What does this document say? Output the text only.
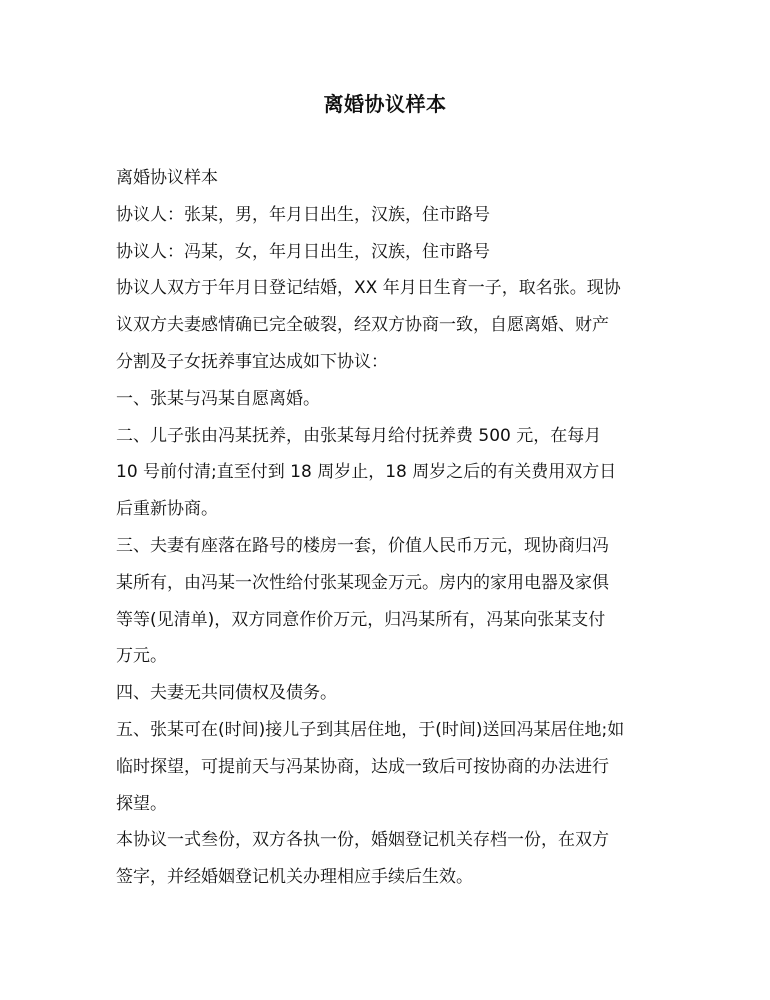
离婚协议样本
离婚协议样本
协议人：张某，男，年月日出生，汉族，住市路号
协议人：冯某，女，年月日出生，汉族，住市路号
协议人双方于年月日登记结婚，XX 年月日生育一子，取名张。现协
议双方夫妻感情确已完全破裂，经双方协商一致，自愿离婚、财产
分割及子女抚养事宜达成如下协议：
一、张某与冯某自愿离婚。
二、儿子张由冯某抚养，由张某每月给付抚养费 500 元，在每月
10 号前付清;直至付到 18 周岁止，18 周岁之后的有关费用双方日
后重新协商。
三、夫妻有座落在路号的楼房一套，价值人民币万元，现协商归冯
某所有，由冯某一次性给付张某现金万元。房内的家用电器及家俱
等等(见清单)，双方同意作价万元，归冯某所有，冯某向张某支付
万元。
四、夫妻无共同债权及债务。
五、张某可在(时间)接儿子到其居住地，于(时间)送回冯某居住地;如
临时探望，可提前天与冯某协商，达成一致后可按协商的办法进行
探望。
本协议一式叁份，双方各执一份，婚姻登记机关存档一份，在双方
签字，并经婚姻登记机关办理相应手续后生效。
